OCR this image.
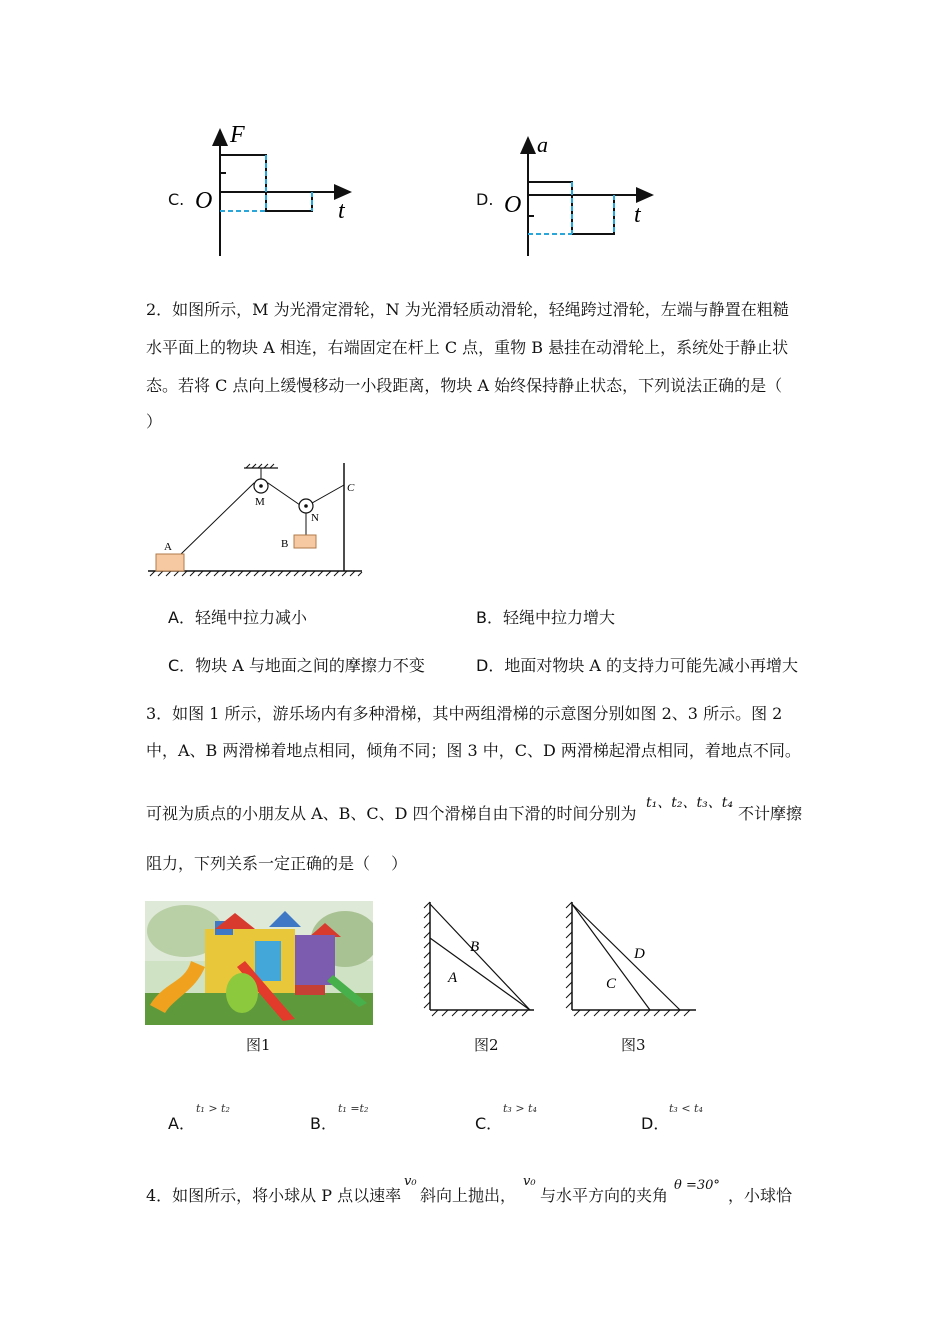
C.
F
t
O	D.
a
t
O
2．如图所示，M 为光滑定滑轮，N 为光滑轻质动滑轮，轻绳跨过滑轮，左端与静置在粗糙
水平面上的物块 A 相连，右端固定在杆上 C 点，重物 B 悬挂在动滑轮上，系统处于静止状
态。若将 C 点向上缓慢移动一小段距离，物块 A 始终保持静止状态，下列说法正确的是（
）
A	B
C
M
N
A．轻绳中拉力减小	B．轻绳中拉力增大
C．物块 A 与地面之间的摩擦力不变	D．地面对物块 A 的支持力可能先减小再增大
3．如图 1 所示，游乐场内有多种滑梯，其中两组滑梯的示意图分别如图 2、3 所示。图 2
中，A、B 两滑梯着地点相同，倾角不同；图 3 中，C、D 两滑梯起滑点相同，着地点不同。
可视为质点的小朋友从 A、B、C、D 四个滑梯自由下滑的时间分别为
t₁、t₂、t₃、t₄
不计摩擦
阻力，下列关系一定正确的是（　 ）
B
A
D
C
图1	图2	图3
A．
t₁ > t₂
B．
t₁ =t₂
C．
t₃ > t₄
D．
t₃ < t₄
4．如图所示，将小球从 P 点以速率
v₀
斜向上抛出，
v₀
与水平方向的夹角
θ =30°
，小球恰
